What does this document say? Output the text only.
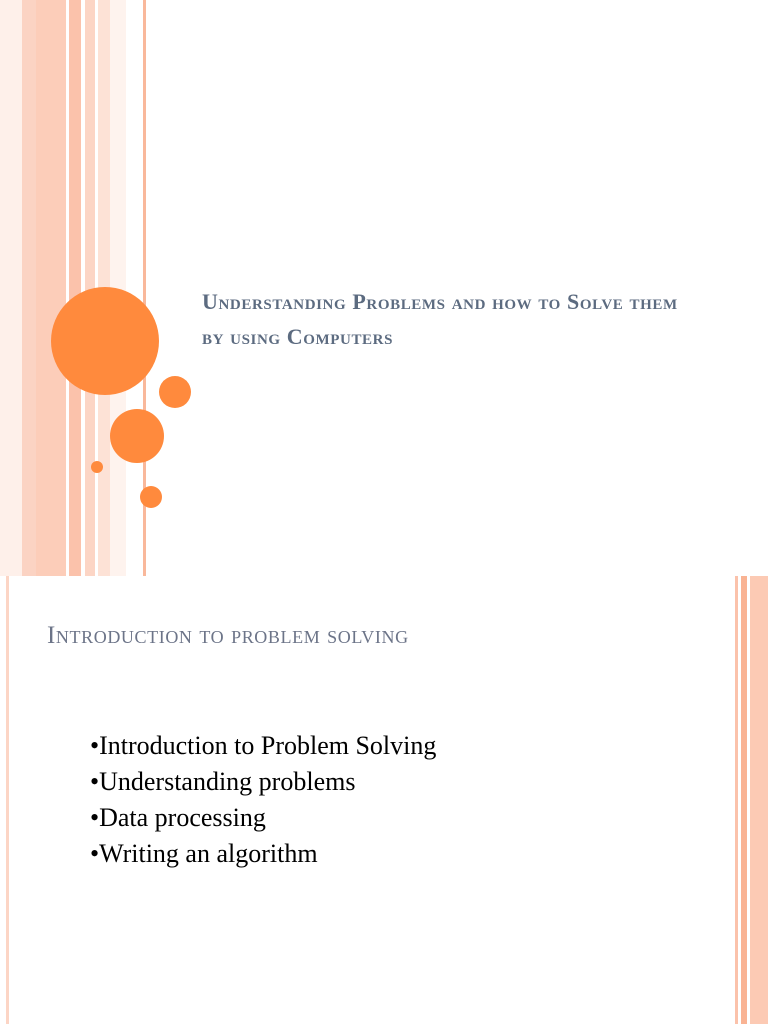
Understanding Problems and how to Solve them by using Computers
Introduction to problem solving
•Introduction to Problem Solving
•Understanding problems
•Data processing
•Writing an algorithm
